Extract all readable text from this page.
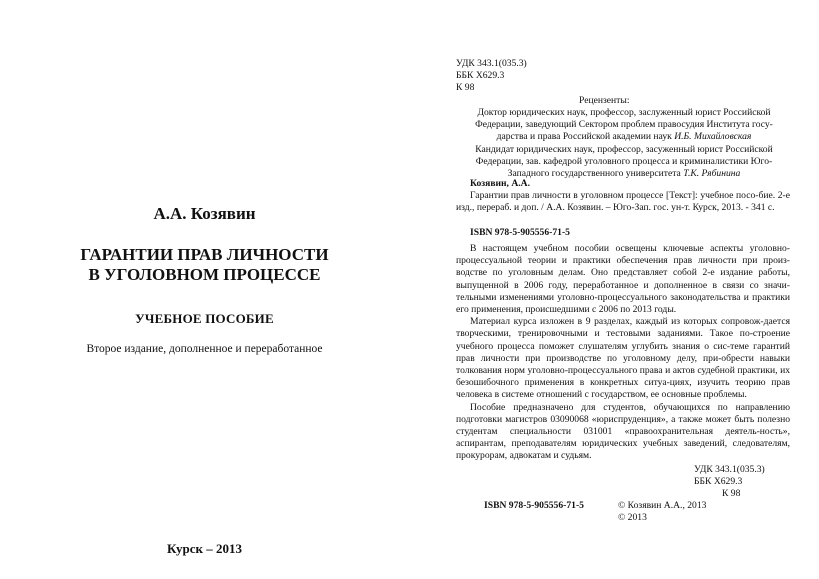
А.А. Козявин
ГАРАНТИИ ПРАВ ЛИЧНОСТИ
В УГОЛОВНОМ ПРОЦЕССЕ
УЧЕБНОЕ ПОСОБИЕ
Второе издание, дополненное и переработанное
Курск – 2013
УДК 343.1(035.3)
ББК Х629.3
К 98
Рецензенты:
Доктор юридических наук, профессор, заслуженный юрист Российской
Федерации, заведующий Сектором проблем правосудия Института госу-
дарства и права Российской академии наук И.Б. Михайловская
Кандидат юридических наук, профессор, засуженный юрист Российской
Федерации, зав. кафедрой уголовного процесса и криминалистики Юго-
Западного государственного университета Т.К. Рябинина
Козявин, А.А.
Гарантии прав личности в уголовном процессе [Текст]: учебное посо-бие. 2-е изд., перераб. и доп. / А.А. Козявин. – Юго-Зап. гос. ун-т. Курск, 2013. - 341 с.
ISBN 978-5-905556-71-5

В настоящем учебном пособии освещены ключевые аспекты уголовно-процессуальной теории и практики обеспечения прав личности при произ-водстве по уголовным делам. Оно представляет собой 2-е издание работы, выпущенной в 2006 году, переработанное и дополненное в связи со значи-тельными изменениями уголовно-процессуального законодательства и практики его применения, происшедшими с 2006 по 2013 годы.

Материал курса изложен в 9 разделах, каждый из которых сопровож-дается творческими, тренировочными и тестовыми заданиями. Такое по-строение учебного процесса поможет слушателям углубить знания о сис-теме гарантий прав личности при производстве по уголовному делу, при-обрести навыки толкования норм уголовно-процессуального права и актов судебной практики, их безошибочного применения в конкретных ситуа-циях, изучить теорию прав человека в системе отношений с государством, ее основные проблемы.

Пособие предназначено для студентов, обучающихся по направлению подготовки магистров 03090068 «юриспруденция», а также может быть полезно студентам специальности 031001 «правоохранительная деятель-ность», аспирантам, преподавателям юридических учебных заведений, следователям, прокурорам, адвокатам и судьям.

УДК 343.1(035.3)
ББК Х629.3
К 98
ISBN 978-5-905556-71-5	© Козявин А.А., 2013
© 2013
